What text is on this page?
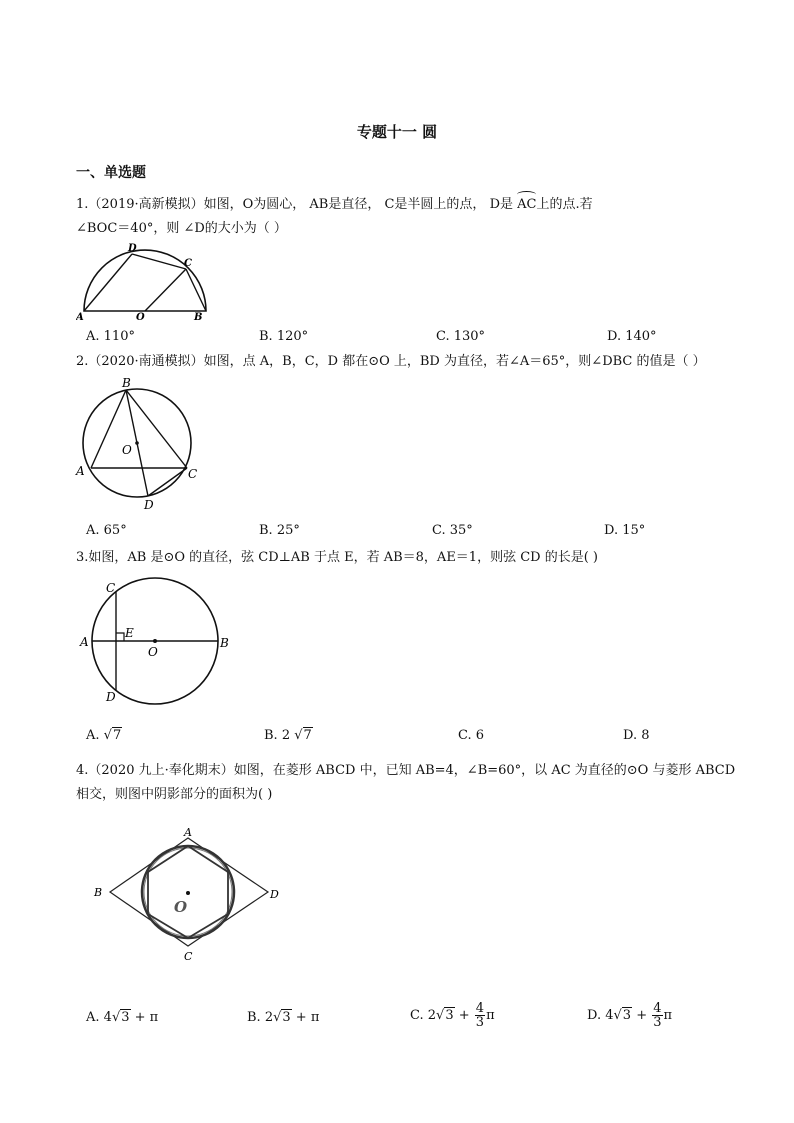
专题十一 圆
一、单选题
1.（2019·高新模拟）如图，O为圆心， AB是直径， C是半圆上的点， D是 AC上的点.若
∠BOC＝40°，则 ∠D的大小为（ ）
A
D
C
O	B
A. 110°	B. 120°	C. 130°	D. 140°
2.（2020·南通模拟）如图，点 A，B，C，D 都在⊙O 上，BD 为直径，若∠A＝65°，则∠DBC 的值是（ ）
B
A	C
D
O
A. 65°	B. 25°	C. 35°	D. 15°
3.如图，AB 是⊙O 的直径，弦 CD⊥AB 于点 E，若 AB＝8，AE＝1，则弦 CD 的长是( )
C
A
E
O
B
D
A. √7	B. 2 √7	C. 6	D. 8
4.（2020 九上·奉化期末）如图，在菱形 ABCD 中，已知 AB=4，∠B=60°，以 AC 为直径的⊙O 与菱形 ABCD
相交，则图中阴影部分的面积为( )
A
B	D
C
O
A. 4√3 + π	B. 2√3 + π	C. $2√3 + \frac{4}{3}$ π	D. $4√3 + \frac{4}{3}$ π
